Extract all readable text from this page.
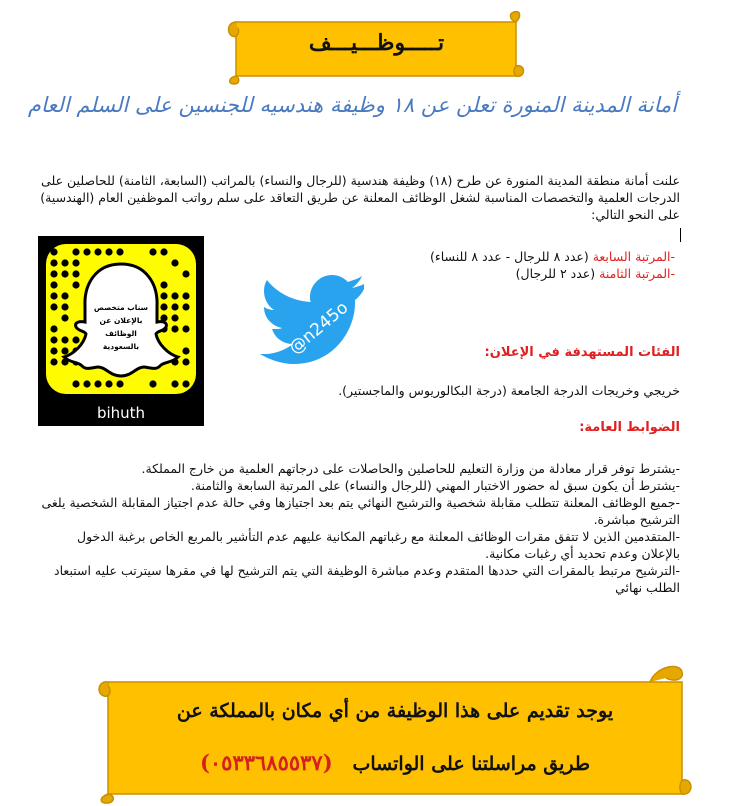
تـــــوظـــيـــف
أمانة المدينة المنورة تعلن عن ١٨ وظيفة هندسيه للجنسين على السلم العام
علنت أمانة منطقة المدينة المنورة عن طرح (١٨) وظيفة هندسية (للرجال والنساء) بالمراتب (السابعة، الثامنة) للحاصلين على الدرجات العلمية والتخصصات المناسبة لشغل الوظائف المعلنة عن طريق التعاقد على سلم رواتب الموظفين العام (الهندسية) على النحو التالي:
-المرتبة السابعة (عدد ٨ للرجال - عدد ٨ للنساء)
-المرتبة الثامنة (عدد ٢ للرجال)
سناب متخصص بالإعلان عن الوظائف بالسعودية
bihuth
@n245o	الفئات المستهدفة في الإعلان:
خريجي وخريجات الدرجة الجامعة (درجة البكالوريوس والماجستير).
الضوابط العامة:

-يشترط توفر قرار معادلة من وزارة التعليم للحاصلين والحاصلات على درجاتهم العلمية من خارج المملكة.

-يشترط أن يكون سبق له حضور الاختبار المهني (للرجال والنساء) على المرتبة السابعة والثامنة.

-جميع الوظائف المعلنة تتطلب مقابلة شخصية والترشيح النهائي يتم بعد اجتيازها وفي حالة عدم اجتياز المقابلة الشخصية يلغى الترشيح مباشرة.

-المتقدمين الذين لا تتفق مقرات الوظائف المعلنة مع رغباتهم المكانية عليهم عدم التأشير بالمربع الخاص برغبة الدخول بالإعلان وعدم تحديد أي رغبات مكانية.

-الترشيح مرتبط بالمقرات التي حددها المتقدم وعدم مباشرة الوظيفة التي يتم الترشيح لها في مقرها سيترتب عليه استبعاد الطلب نهائي

يوجد تقديم على هذا الوظيفة من أي مكان بالمملكة عن
طريق مراسلتنا على الواتساب   (٠٥٣٣٦٨٥٥٣٧)
